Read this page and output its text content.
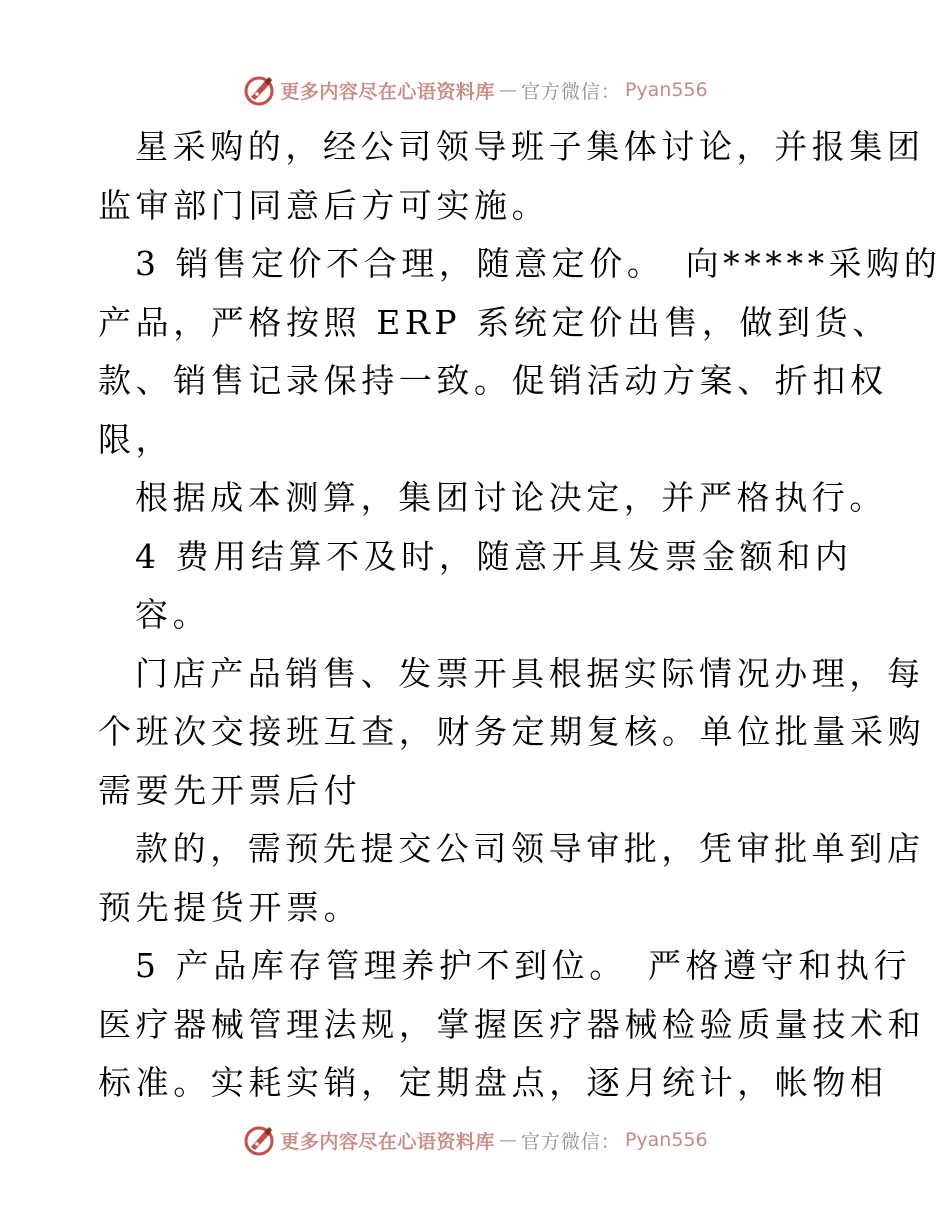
更多内容尽在心语资料库 — 官方微信： Pyan556
星采购的，经公司领导班子集体讨论，并报集团
监审部门同意后方可实施。
3 销售定价不合理，随意定价。　向*****采购的
产品，严格按照 ERP 系统定价出售，做到货、
款、销售记录保持一致。促销活动方案、折扣权
限，
根据成本测算，集团讨论决定，并严格执行。
4 费用结算不及时，随意开具发票金额和内
容。
门店产品销售、发票开具根据实际情况办理，每
个班次交接班互查，财务定期复核。单位批量采购
需要先开票后付
款的，需预先提交公司领导审批，凭审批单到店
预先提货开票。
5 产品库存管理养护不到位。　严格遵守和执行
医疗器械管理法规，掌握医疗器械检验质量技术和
标准。实耗实销，定期盘点，逐月统计，帐物相
更多内容尽在心语资料库 — 官方微信： Pyan556
